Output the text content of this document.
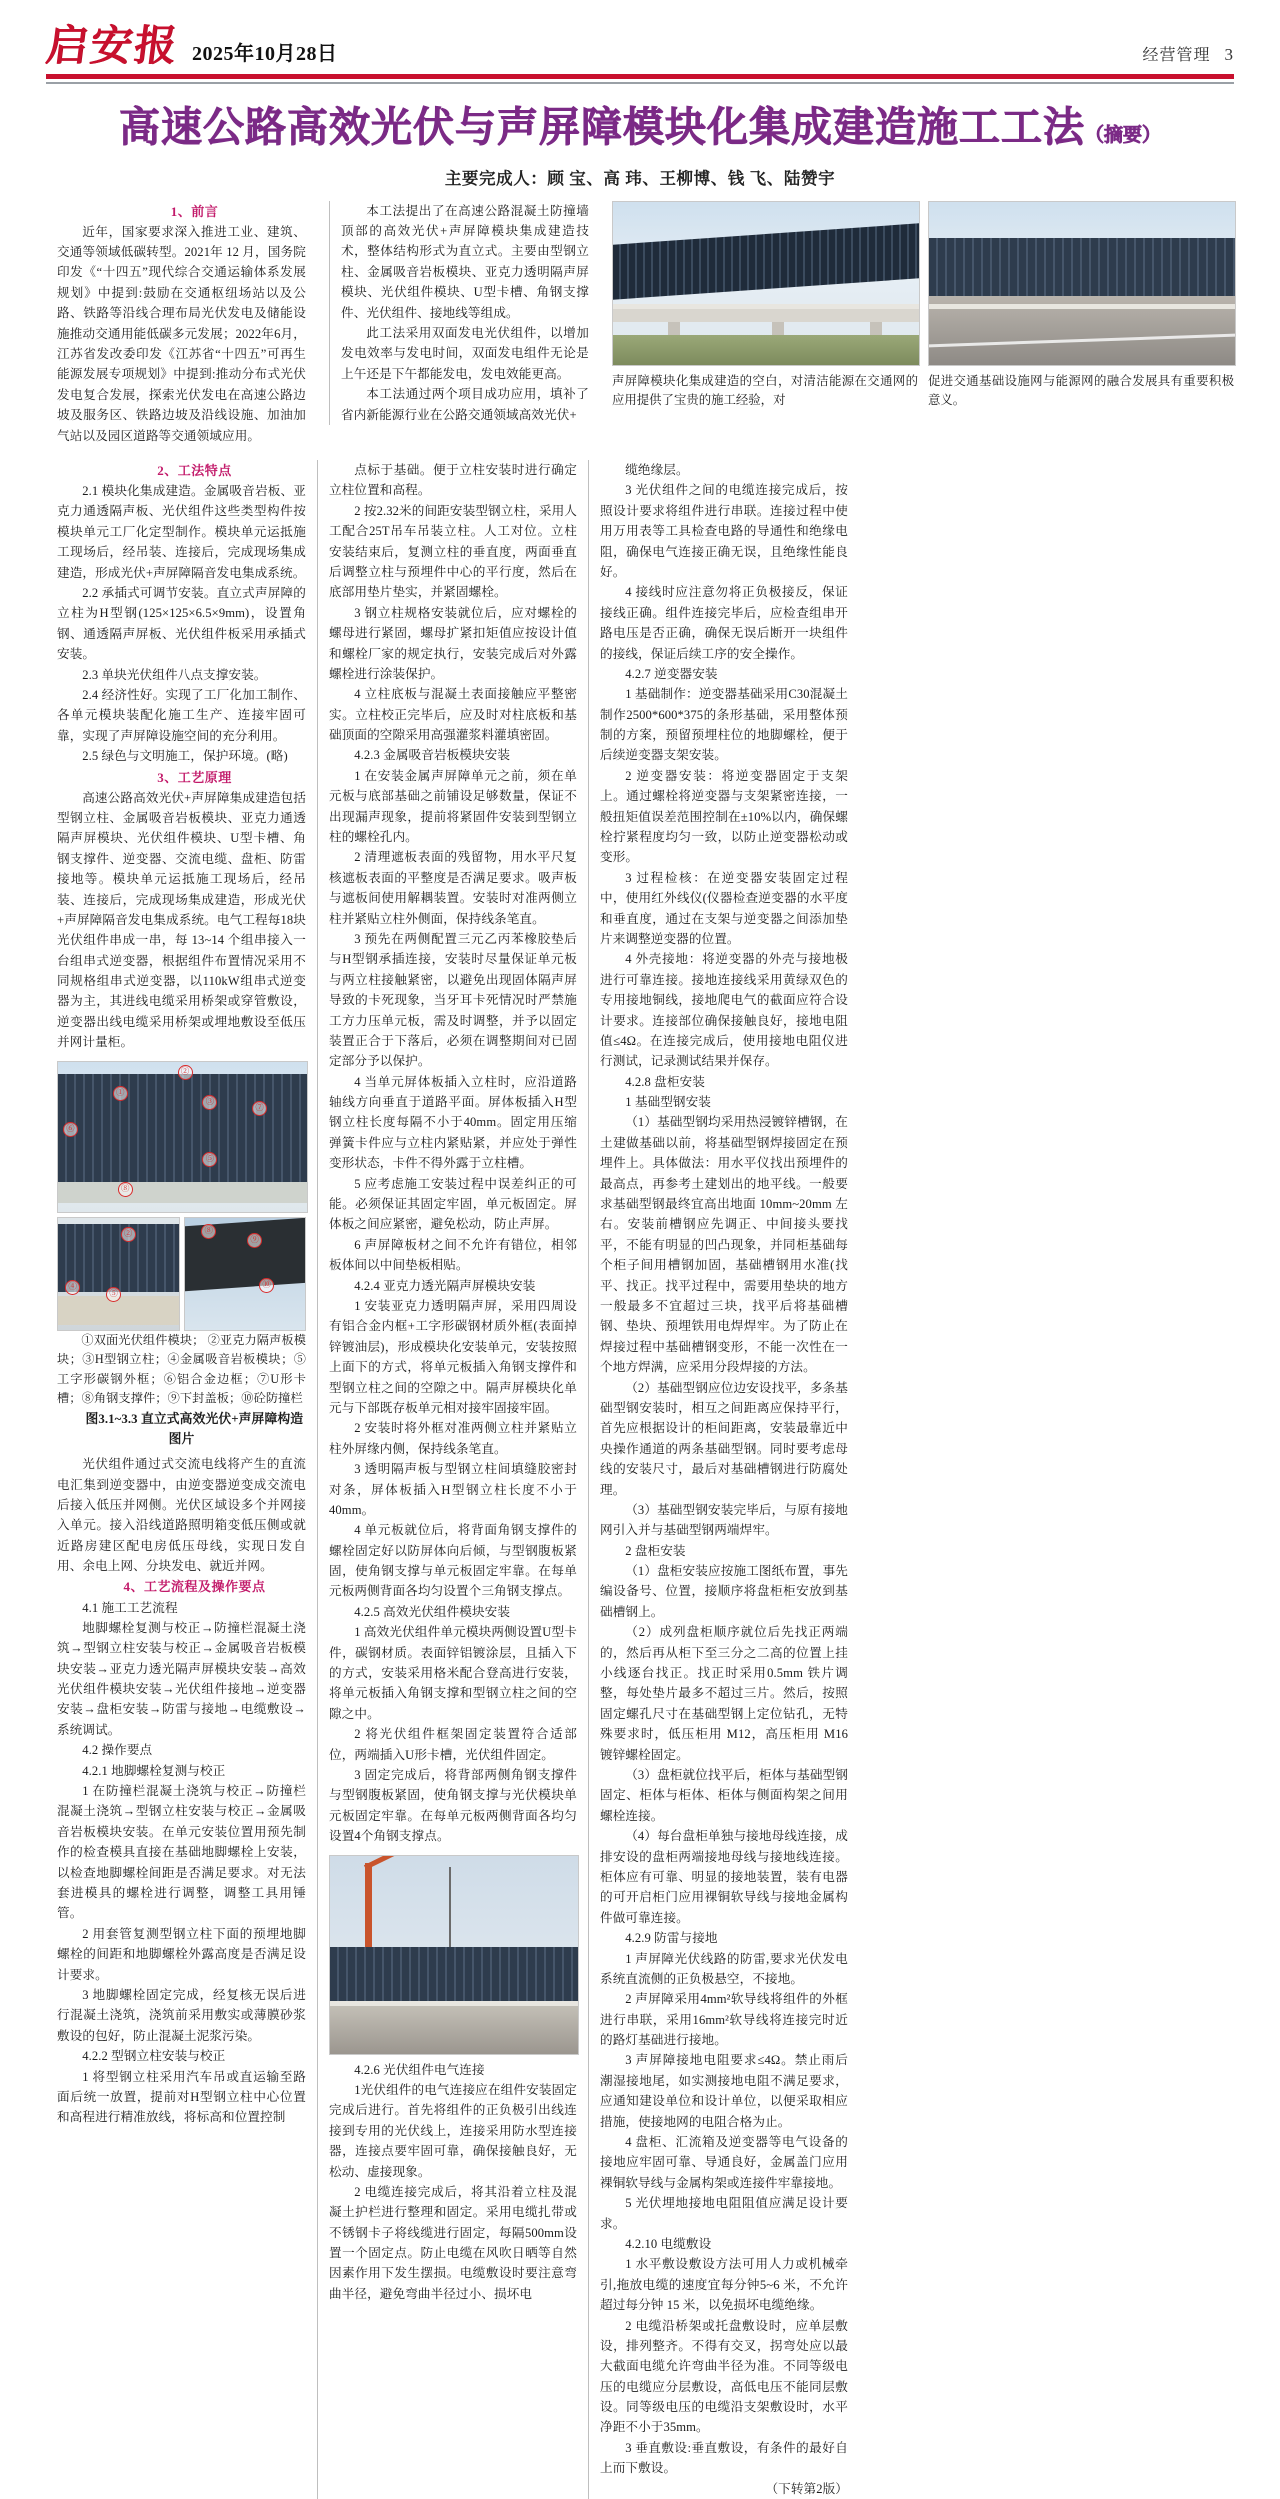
启安报 2025年10月28日	经营管理 3
高速公路高效光伏与声屏障模块化集成建造施工工法（摘要）
主要完成人：顾 宝、高 玮、王柳博、钱 飞、陆赞宇

1、前言

近年，国家要求深入推进工业、建筑、交通等领域低碳转型。2021年 12 月，国务院印发《“十四五”现代综合交通运输体系发展规划》中提到:鼓励在交通枢纽场站以及公路、铁路等沿线合理布局光伏发电及储能设施推动交通用能低碳多元发展；2022年6月，江苏省发改委印发《江苏省“十四五”可再生能源发展专项规划》中提到:推动分布式光伏发电复合发展，探索光伏发电在高速公路边坡及服务区、铁路边坡及沿线设施、加油加气站以及园区道路等交通领域应用。

本工法提出了在高速公路混凝土防撞墙顶部的高效光伏+声屏障模块集成建造技术，整体结构形式为直立式。主要由型钢立柱、金属吸音岩板模块、亚克力透明隔声屏模块、光伏组件模块、U型卡槽、角钢支撑件、光伏组件、接地线等组成。

此工法采用双面发电光伏组件，以增加发电效率与发电时间，双面发电组件无论是上午还是下午都能发电，发电效能更高。

本工法通过两个项目成功应用，填补了省内新能源行业在公路交通领域高效光伏+

声屏障模块化集成建造的空白，对清洁能源在交通网的应用提供了宝贵的施工经验，对
促进交通基础设施网与能源网的融合发展具有重要积极意义。

2、工法特点

2.1 模块化集成建造。金属吸音岩板、亚克力通透隔声板、光伏组件这些类型构件按模块单元工厂化定型制作。模块单元运抵施工现场后，经吊装、连接后，完成现场集成建造，形成光伏+声屏障隔音发电集成系统。

2.2 承插式可调节安装。直立式声屏障的立柱为H型钢(125×125×6.5×9mm)，设置角钢、通透隔声屏板、光伏组件板采用承插式安装。

2.3 单块光伏组件八点支撑安装。

2.4 经济性好。实现了工厂化加工制作、各单元模块装配化施工生产、连接牢固可靠，实现了声屏障设施空间的充分利用。

2.5 绿色与文明施工，保护环境。(略)

3、工艺原理

高速公路高效光伏+声屏障集成建造包括型钢立柱、金属吸音岩板模块、亚克力通透隔声屏模块、光伏组件模块、U型卡槽、角钢支撑件、逆变器、交流电缆、盘柜、防雷接地等。模块单元运抵施工现场后，经吊装、连接后，完成现场集成建造，形成光伏+声屏障隔音发电集成系统。电气工程每18块光伏组件串成一串，每 13~14 个组串接入一台组串式逆变器，根据组件布置情况采用不同规格组串式逆变器，以110kW组串式逆变器为主，其进线电缆采用桥架或穿管敷设，逆变器出线电缆采用桥架或埋地敷设至低压并网计量柜。

①
③
⑦
⑥
⑤
⑧
②
②
④
⑤
⑧
⑨
⑩

①双面光伏组件模块； ②亚克力隔声板模块；③H型钢立柱；④金属吸音岩板模块；⑤工字形碳钢外框；⑥铝合金边框；⑦U形卡槽；⑧角钢支撑件；⑨下封盖板；⑩砼防撞栏

图3.1~3.3 直立式高效光伏+声屏障构造图片

光伏组件通过式交流电线将产生的直流电汇集到逆变器中，由逆变器逆变成交流电后接入低压并网侧。光伏区域设多个并网接入单元。接入沿线道路照明箱变低压侧或就近路房建区配电房低压母线，实现日发自用、余电上网、分块发电、就近并网。

4、工艺流程及操作要点

4.1 施工工艺流程

地脚螺栓复测与校正→防撞栏混凝土浇筑→型钢立柱安装与校正→金属吸音岩板模块安装→亚克力透光隔声屏模块安装→高效光伏组件模块安装→光伏组件接地→逆变器安装→盘柜安装→防雷与接地→电缆敷设→系统调试。

4.2 操作要点

4.2.1 地脚螺栓复测与校正

1 在防撞栏混凝土浇筑与校正→防撞栏混凝土浇筑→型钢立柱安装与校正→金属吸音岩板模块安装。在单元安装位置用预先制作的检查模具直接在基础地脚螺栓上安装，以检查地脚螺栓间距是否满足要求。对无法套进模具的螺栓进行调整，调整工具用锤管。

2 用套管复测型钢立柱下面的预埋地脚螺栓的间距和地脚螺栓外露高度是否满足设计要求。

3 地脚螺栓固定完成，经复核无误后进行混凝土浇筑，浇筑前采用敷实或薄膜砂浆敷设的包好，防止混凝土泥浆污染。

4.2.2 型钢立柱安装与校正

1 将型钢立柱采用汽车吊或直运输至路面后统一放置，提前对H型钢立柱中心位置和高程进行精准放线，将标高和位置控制

点标于基础。便于立柱安装时进行确定立柱位置和高程。

2 按2.32米的间距安装型钢立柱，采用人工配合25T吊车吊装立柱。人工对位。立柱安装结束后，复测立柱的垂直度，两面垂直后调整立柱与预埋件中心的平行度，然后在底部用垫片垫实，并紧固螺栓。

3 钢立柱规格安装就位后，应对螺栓的螺母进行紧固，螺母扩紧扣矩值应按设计值和螺栓厂家的规定执行，安装完成后对外露螺栓进行涂装保护。

4 立柱底板与混凝土表面接触应平整密实。立柱校正完毕后，应及时对柱底板和基础顶面的空隙采用高强灌浆料灌填密固。

4.2.3 金属吸音岩板模块安装

1 在安装金属声屏障单元之前，须在单元板与底部基础之前铺设足够数量，保证不出现漏声现象，提前将紧固件安装到型钢立柱的螺栓孔内。

2 清理遮板表面的残留物，用水平尺复核遮板表面的平整度是否满足要求。吸声板与遮板间使用解耦装置。安装时对准两侧立柱并紧贴立柱外侧面，保持线条笔直。

3 预先在两侧配置三元乙丙苯橡胶垫后与H型钢承插连接，安装时尽量保证单元板与两立柱接触紧密，以避免出现固体隔声屏导致的卡死现象，当牙耳卡死情况时严禁施工方力压单元板，需及时调整，并予以固定装置正合于下落后，必须在调整期间对已固定部分予以保护。

4 当单元屏体板插入立柱时，应沿道路轴线方向垂直于道路平面。屏体板插入H型钢立柱长度每隔不小于40mm。固定用压缩弹簧卡件应与立柱内紧贴紧，并应处于弹性变形状态，卡件不得外露于立柱槽。

5 应考虑施工安装过程中误差纠正的可能。必须保证其固定牢固，单元板固定。屏体板之间应紧密，避免松动，防止声屏。

6 声屏障板材之间不允许有错位，相邻板体间以中间垫板相贴。

4.2.4 亚克力透光隔声屏模块安装

1 安装亚克力透明隔声屏，采用四周设有铝合金内框+工字形碳钢材质外框(表面掉锌镀油层)，形成模块化安装单元，安装按照上面下的方式，将单元板插入角钢支撑件和型钢立柱之间的空隙之中。隔声屏模块化单元与下部既存板单元相对接牢固接牢固。

2 安装时将外框对准两侧立柱并紧贴立柱外屏缘内侧，保持线条笔直。

3 透明隔声板与型钢立柱间填缝胶密封对条，屏体板插入H型钢立柱长度不小于40mm。

4 单元板就位后，将背面角钢支撑件的螺栓固定好以防屏体向后倾，与型钢腹板紧固，使角钢支撑与单元板固定牢靠。在每单元板两侧背面各均匀设置个三角钢支撑点。

4.2.5 高效光伏组件模块安装

1 高效光伏组件单元模块两侧设置U型卡件，碳钢材质。表面锌铝镀涂层，且插入下的方式，安装采用格米配合登高进行安装，将单元板插入角钢支撑和型钢立柱之间的空隙之中。

2 将光伏组件框架固定装置符合适部位，两端插入U形卡槽，光伏组件固定。

3 固定完成后，将背部两侧角钢支撑件与型钢腹板紧固，使角钢支撑与光伏模块单元板固定牢靠。在每单元板两侧背面各均匀设置4个角钢支撑点。

4.2.6 光伏组件电气连接

1光伏组件的电气连接应在组件安装固定完成后进行。首先将组件的正负极引出线连接到专用的光伏线上，连接采用防水型连接器，连接点要牢固可靠，确保接触良好，无松动、虚接现象。

2 电缆连接完成后，将其沿着立柱及混凝土护栏进行整理和固定。采用电缆扎带或不锈钢卡子将线缆进行固定，每隔500mm设置一个固定点。防止电缆在风吹日晒等自然因素作用下发生摆损。电缆敷设时要注意弯曲半径，避免弯曲半径过小、损坏电

缆绝缘层。

3 光伏组件之间的电缆连接完成后，按照设计要求将组件进行串联。连接过程中使用万用表等工具检查电路的导通性和绝缘电阻，确保电气连接正确无误，且绝缘性能良好。

4 接线时应注意勿将正负极接反，保证接线正确。组件连接完毕后，应检查组串开路电压是否正确，确保无误后断开一块组件的接线，保证后续工序的安全操作。

4.2.7 逆变器安装

1 基础制作：逆变器基础采用C30混凝土制作2500*600*375的条形基础，采用整体预制的方案，预留预埋柱位的地脚螺栓，便于后续逆变器支架安装。

2 逆变器安装：将逆变器固定于支架上。通过螺栓将逆变器与支架紧密连接，一般扭矩值误差范围控制在±10%以内，确保螺栓拧紧程度均匀一致，以防止逆变器松动或变形。

3 过程检核：在逆变器安装固定过程中，使用红外线仪(仪器检查逆变器的水平度和垂直度，通过在支架与逆变器之间添加垫片来调整逆变器的位置。

4 外壳接地：将逆变器的外壳与接地极进行可靠连接。接地连接线采用黄绿双色的专用接地铜线，接地爬电气的截面应符合设计要求。连接部位确保接触良好，接地电阻值≤4Ω。在连接完成后，使用接地电阻仪进行测试，记录测试结果并保存。

4.2.8 盘柜安装

1 基础型钢安装

（1）基础型钢均采用热浸镀锌槽钢，在土建做基础以前，将基础型钢焊接固定在预埋件上。具体做法：用水平仪找出预埋件的最高点，再参考土建划出的地平线。一般要求基础型钢最终宜高出地面 10mm~20mm 左右。安装前槽钢应先调正、中间接头要找平，不能有明显的凹凸现象，并同柜基础每个柜子间用槽钢加固，基础槽钢用水准(找平、找正。找平过程中，需要用垫块的地方一般最多不宜超过三块，找平后将基础槽钢、垫块、预埋铁用电焊焊牢。为了防止在焊接过程中基础槽钢变形，不能一次性在一个地方焊满，应采用分段焊接的方法。

（2）基础型钢应位边安设找平，多条基础型钢安装时，相互之间距离应保持平行，首先应根据设计的柜间距离，安装最靠近中央操作通道的两条基础型钢。同时要考虑母线的安装尺寸，最后对基础槽钢进行防腐处理。

（3）基础型钢安装完毕后，与原有接地网引入并与基础型钢两端焊牢。

2 盘柜安装

（1）盘柜安装应按施工图纸布置，事先编设备号、位置，接顺序将盘柜柜安放到基础槽钢上。

（2）成列盘柜顺序就位后先找正两端的，然后再从柜下至三分之二高的位置上挂小线逐台找正。找正时采用0.5mm 铁片调整，每处垫片最多不超过三片。然后，按照固定螺孔尺寸在基础型钢上定位钻孔，无特殊要求时，低压柜用 M12，高压柜用 M16 镀锌螺栓固定。

（3）盘柜就位找平后，柜体与基础型钢固定、柜体与柜体、柜体与侧面构架之间用螺栓连接。

（4）每台盘柜单独与接地母线连接，成排安设的盘柜两端接地母线与接地线连接。柜体应有可靠、明显的接地装置，装有电器的可开启柜门应用裸铜软导线与接地金属构件做可靠连接。

4.2.9 防雷与接地

1 声屏障光伏线路的防雷,要求光伏发电系统直流侧的正负极悬空，不接地。

2 声屏障采用4mm²软导线将组件的外框进行串联，采用16mm²软导线将连接完时近的路灯基础进行接地。

3 声屏障接地电阻要求≤4Ω。禁止雨后潮湿接地尾，如实测接地电阻不满足要求，应通知建设单位和设计单位，以便采取相应措施，使接地网的电阻合格为止。

4 盘柜、汇流箱及逆变器等电气设备的接地应牢固可靠、导通良好，金属盖门应用裸铜软导线与金属构架或连接件牢靠接地。

5 光伏埋地接地电阻阻值应满足设计要求。

4.2.10 电缆敷设

1 水平敷设敷设方法可用人力或机械牵引,拖放电缆的速度宜每分钟5~6 米，不允许超过每分钟 15 米，以免损坏电缆绝缘。

2 电缆沿桥架或托盘敷设时，应单层敷设，排列整齐。不得有交叉，拐弯处应以最大截面电缆允许弯曲半径为准。不同等级电压的电缆应分层敷设，高低电压不能同层敷设。同等级电压的电缆沿支架敷设时，水平净距不小于35mm。

3 垂直敷设:垂直敷设，有条件的最好自上而下敷设。

（下转第2版）
